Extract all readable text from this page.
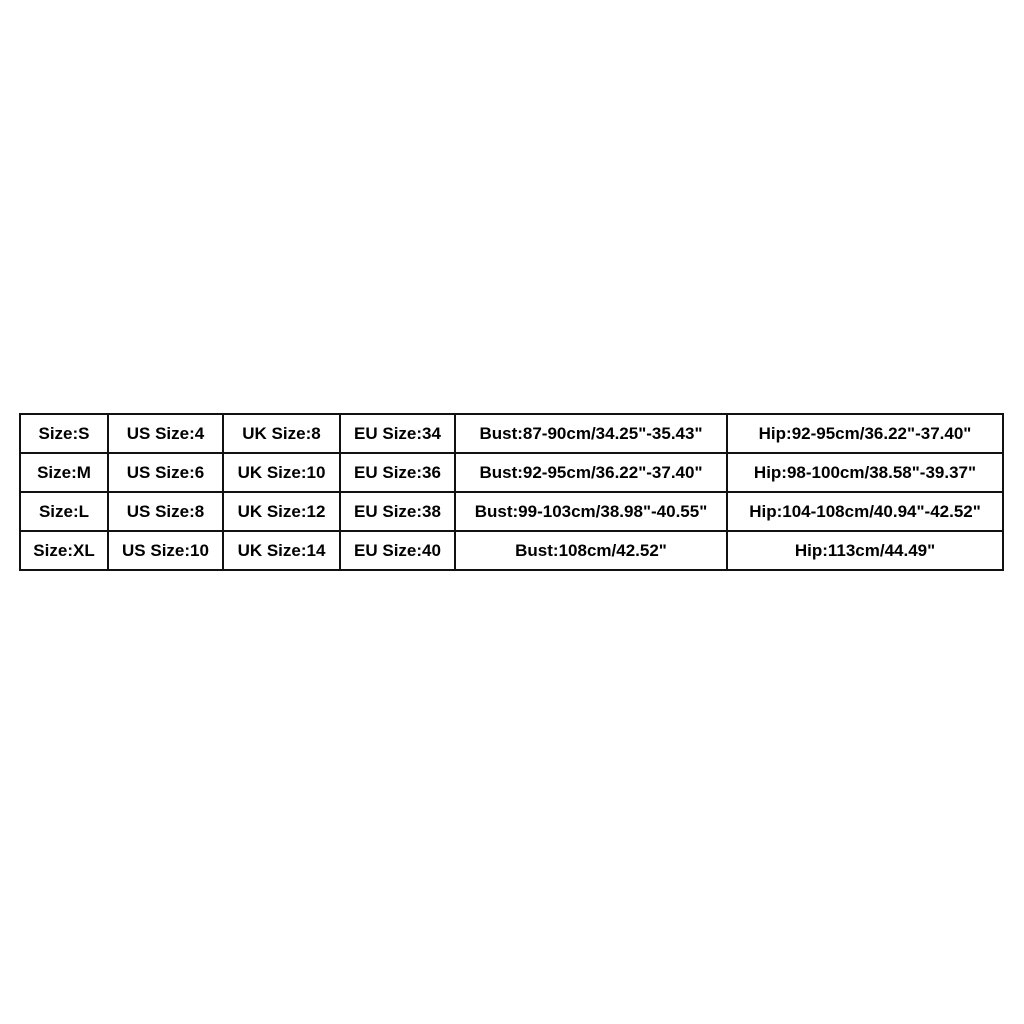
Size:S	US Size:4	UK Size:8	EU Size:34	Bust:87-90cm/34.25"-35.43"	Hip:92-95cm/36.22"-37.40"
Size:M	US Size:6	UK Size:10	EU Size:36	Bust:92-95cm/36.22"-37.40"	Hip:98-100cm/38.58"-39.37"
Size:L	US Size:8	UK Size:12	EU Size:38	Bust:99-103cm/38.98"-40.55"	Hip:104-108cm/40.94"-42.52"
Size:XL	US Size:10	UK Size:14	EU Size:40	Bust:108cm/42.52"	Hip:113cm/44.49"
